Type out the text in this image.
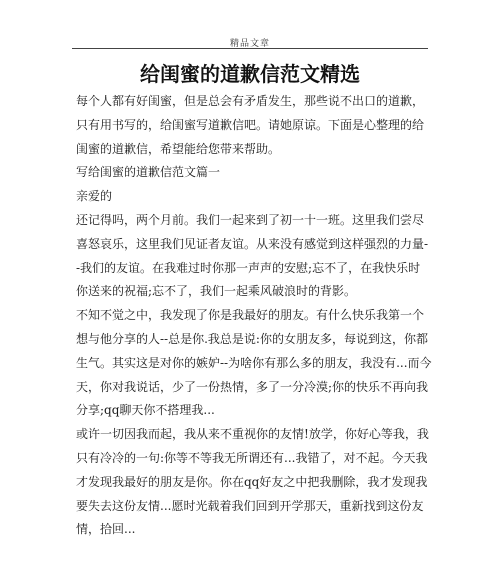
精品文章
给闺蜜的道歉信范文精选

每个人都有好闺蜜，但是总会有矛盾发生，那些说不出口的道歉，只有用书写的，给闺蜜写道歉信吧。请她原谅。下面是心整理的给闺蜜的道歉信，希望能给您带来帮助。

写给闺蜜的道歉信范文篇一

亲爱的

还记得吗，两个月前。我们一起来到了初一十一班。这里我们尝尽喜怒哀乐，这里我们见证者友谊。从来没有感觉到这样强烈的力量--我们的友谊。在我难过时你那一声声的安慰;忘不了，在我快乐时你送来的祝福;忘不了，我们一起乘风破浪时的背影。

不知不觉之中，我发现了你是我最好的朋友。有什么快乐我第一个想与他分享的人--总是你.我总是说:你的女朋友多，每说到这，你都生气。其实这是对你的嫉妒--为啥你有那么多的朋友，我没有...而今天，你对我说话，少了一份热情，多了一分冷漠;你的快乐不再向我分享;qq聊天你不搭理我...

或许一切因我而起，我从来不重视你的友情!放学，你好心等我，我只有冷冷的一句:你等不等我无所谓还有...我错了，对不起。今天我才发现我最好的朋友是你。你在qq好友之中把我删除，我才发现我要失去这份友情...愿时光载着我们回到开学那天，重新找到这份友情，拾回...
